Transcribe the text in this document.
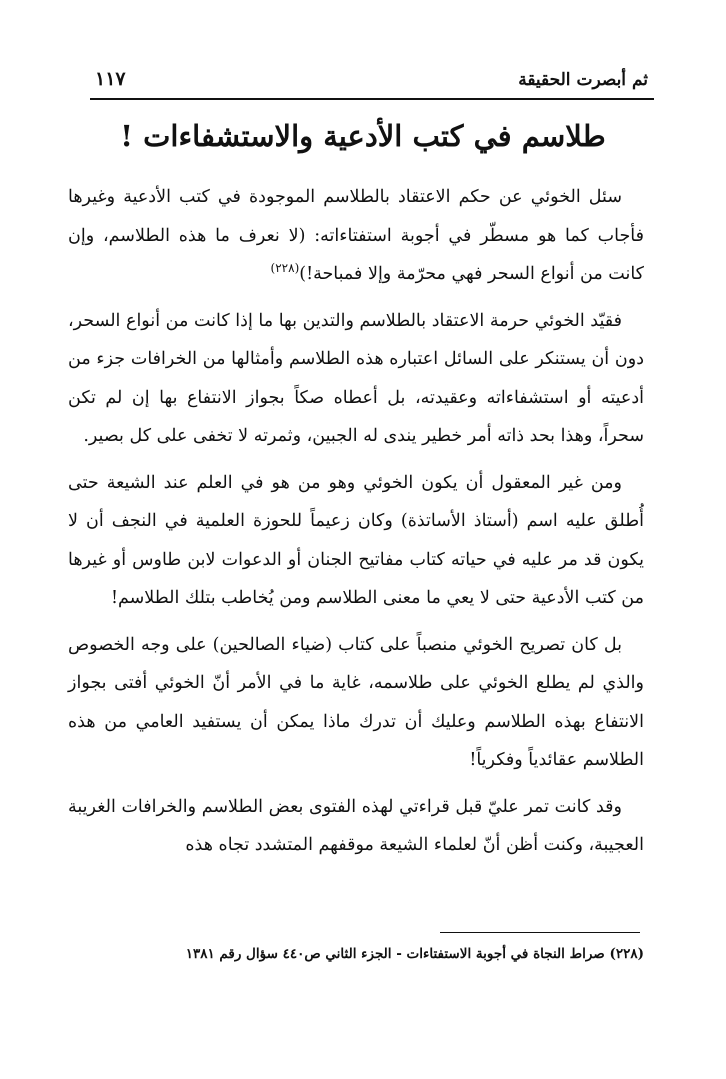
ثم أبصرت الحقيقة
١١٧
طلاسم في كتب الأدعية والاستشفاءات !

سئل الخوئي عن حكم الاعتقاد بالطلاسم الموجودة في كتب الأدعية وغيرها فأجاب كما هو مسطّر في أجوبة استفتاءاته: (لا نعرف ما هذه الطلاسم، وإن كانت من أنواع السحر فهي محرّمة وإلا فمباحة!)$^{(٢٢٨)}$

فقيّد الخوئي حرمة الاعتقاد بالطلاسم والتدين بها ما إذا كانت من أنواع السحر، دون أن يستنكر على السائل اعتباره هذه الطلاسم وأمثالها من الخرافات جزء من أدعيته أو استشفاءاته وعقيدته، بل أعطاه صكاً بجواز الانتفاع بها إن لم تكن سحراً، وهذا بحد ذاته أمر خطير يندى له الجبين، وثمرته لا تخفى على كل بصير.

ومن غير المعقول أن يكون الخوئي وهو من هو في العلم عند الشيعة حتى أُطلق عليه اسم (أستاذ الأساتذة) وكان زعيماً للحوزة العلمية في النجف أن لا يكون قد مر عليه في حياته كتاب مفاتيح الجنان أو الدعوات لابن طاوس أو غيرها من كتب الأدعية حتى لا يعي ما معنى الطلاسم ومن يُخاطب بتلك الطلاسم!

بل كان تصريح الخوئي منصباً على كتاب (ضياء الصالحين) على وجه الخصوص والذي لم يطلع الخوئي على طلاسمه، غاية ما في الأمر أنّ الخوئي أفتى بجواز الانتفاع بهذه الطلاسم وعليك أن تدرك ماذا يمكن أن يستفيد العامي من هذه الطلاسم عقائدياً وفكرياً!

وقد كانت تمر عليّ قبل قراءتي لهذه الفتوى بعض الطلاسم والخرافات الغريبة العجيبة، وكنت أظن أنّ لعلماء الشيعة موقفهم المتشدد تجاه هذه

(٢٢٨) صراط النجاة في أجوبة الاستفتاءات - الجزء الثاني ص٤٤٠ سؤال رقم ١٣٨١
